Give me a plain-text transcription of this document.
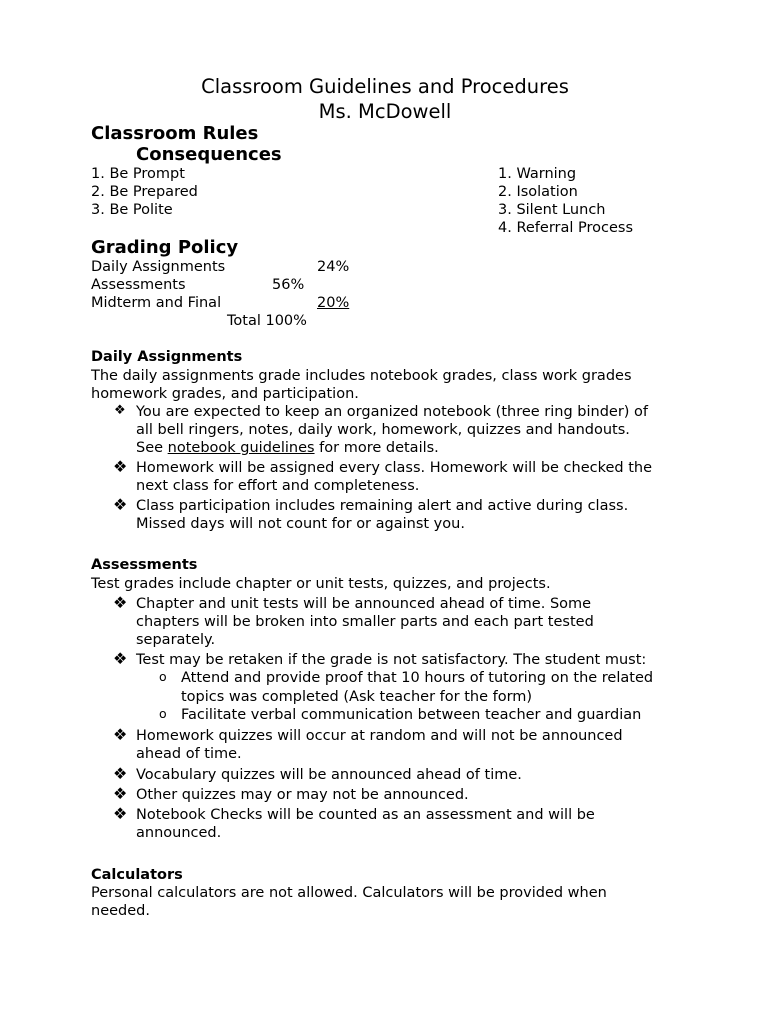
Classroom Guidelines and Procedures
Ms. McDowell
Classroom Rules
Consequences
1. Be Prompt
2. Be Prepared
3. Be Polite
1. Warning
2. Isolation
3. Silent Lunch
4. Referral Process
Grading Policy
Daily Assignments	24%
Assessments	56%
Midterm and Final	20%
Total 100%
Daily Assignments
The daily assignments grade includes notebook grades, class work grades
homework grades, and participation.
❖ You are expected to keep an organized notebook (three ring binder) of
all bell ringers, notes, daily work, homework, quizzes and handouts.
See notebook guidelines for more details.
❖ Homework will be assigned every class. Homework will be checked the
next class for effort and completeness.
❖ Class participation includes remaining alert and active during class.
Missed days will not count for or against you.
Assessments
Test grades include chapter or unit tests, quizzes, and projects.
❖ Chapter and unit tests will be announced ahead of time. Some
chapters will be broken into smaller parts and each part tested
separately.
❖ Test may be retaken if the grade is not satisfactory. The student must:
o Attend and provide proof that 10 hours of tutoring on the related
topics was completed (Ask teacher for the form)
o Facilitate verbal communication between teacher and guardian
❖ Homework quizzes will occur at random and will not be announced
ahead of time.
❖ Vocabulary quizzes will be announced ahead of time.
❖ Other quizzes may or may not be announced.
❖ Notebook Checks will be counted as an assessment and will be
announced.
Calculators
Personal calculators are not allowed. Calculators will be provided when
needed.
